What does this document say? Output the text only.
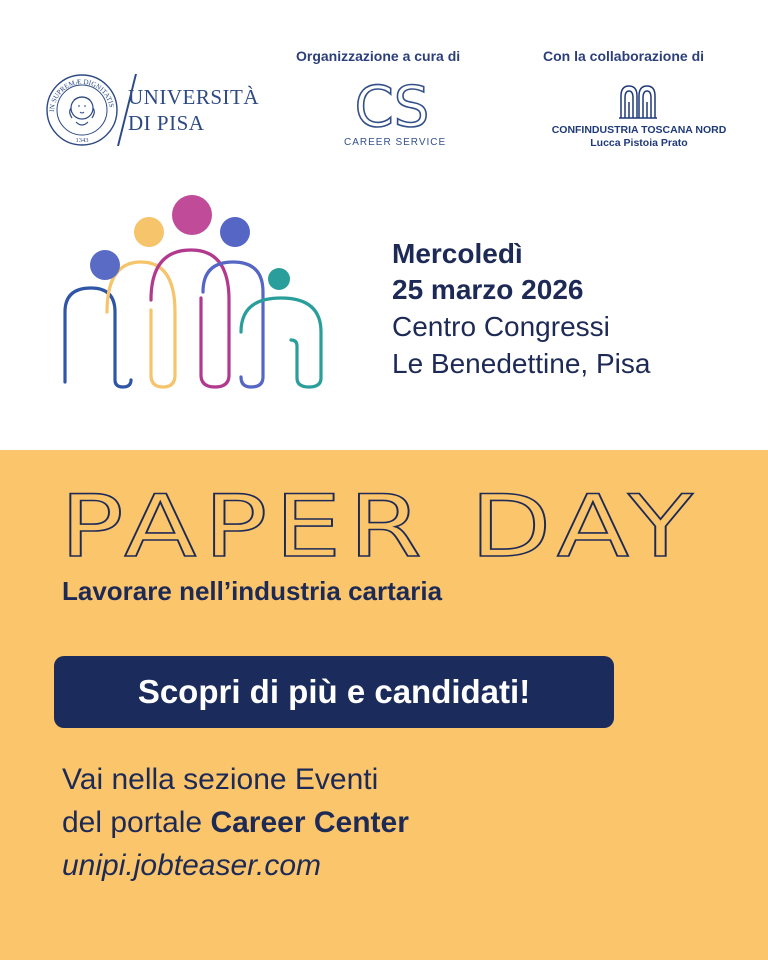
IN SUPREMÆ DIGNITATIS
1343
UNIVERSITÀ
DI PISA
Organizzazione a cura di
CS
CAREER SERVICE
Con la collaborazione di
CONFINDUSTRIA TOSCANA NORD
Lucca Pistoia Prato
Mercoledì
25 marzo 2026
Centro Congressi
Le Benedettine, Pisa
PAPER DAY
Lavorare nell’industria cartaria
Scopri di più e candidati!
Vai nella sezione Eventi
del portale Career Center
unipi.jobteaser.com
